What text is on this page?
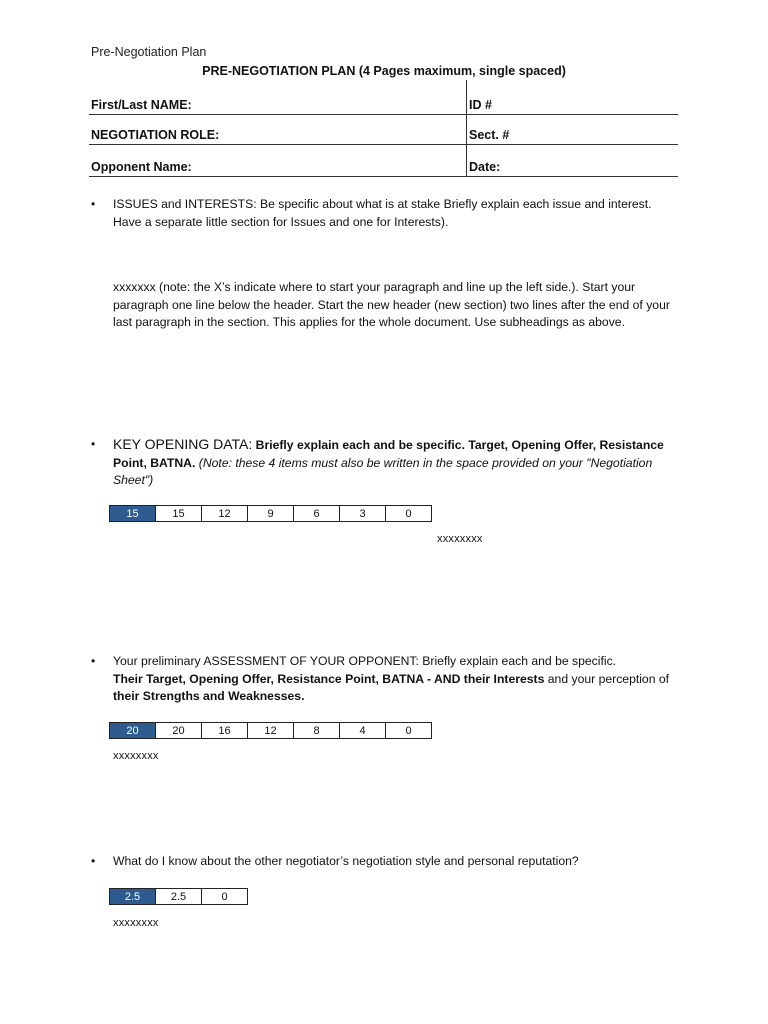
Pre-Negotiation Plan
PRE-NEGOTIATION PLAN (4 Pages maximum, single spaced)
First/Last NAME:	ID #
NEGOTIATION ROLE:	Sect. #
Opponent Name:	Date:
• ISSUES and INTERESTS: Be specific about what is at stake Briefly explain each issue and interest. Have a separate little section for Issues and one for Interests).
xxxxxxx (note: the X’s indicate where to start your paragraph and line up the left side.). Start your paragraph one line below the header. Start the new header (new section) two lines after the end of your last paragraph in the section. This applies for the whole document. Use subheadings as above.
• KEY OPENING DATA: Briefly explain each and be specific. Target, Opening Offer, Resistance Point, BATNA. (Note: these 4 items must also be written in the space provided on your "Negotiation Sheet")
15	15	12	9	6	3	0
xxxxxxxx
• Your preliminary ASSESSMENT OF YOUR OPPONENT: Briefly explain each and be specific.
Their Target, Opening Offer, Resistance Point, BATNA - AND their Interests and your perception of their Strengths and Weaknesses.
20	20	16	12	8	4	0
xxxxxxxx
• What do I know about the other negotiator’s negotiation style and personal reputation?
2.5	2.5	0
xxxxxxxx
